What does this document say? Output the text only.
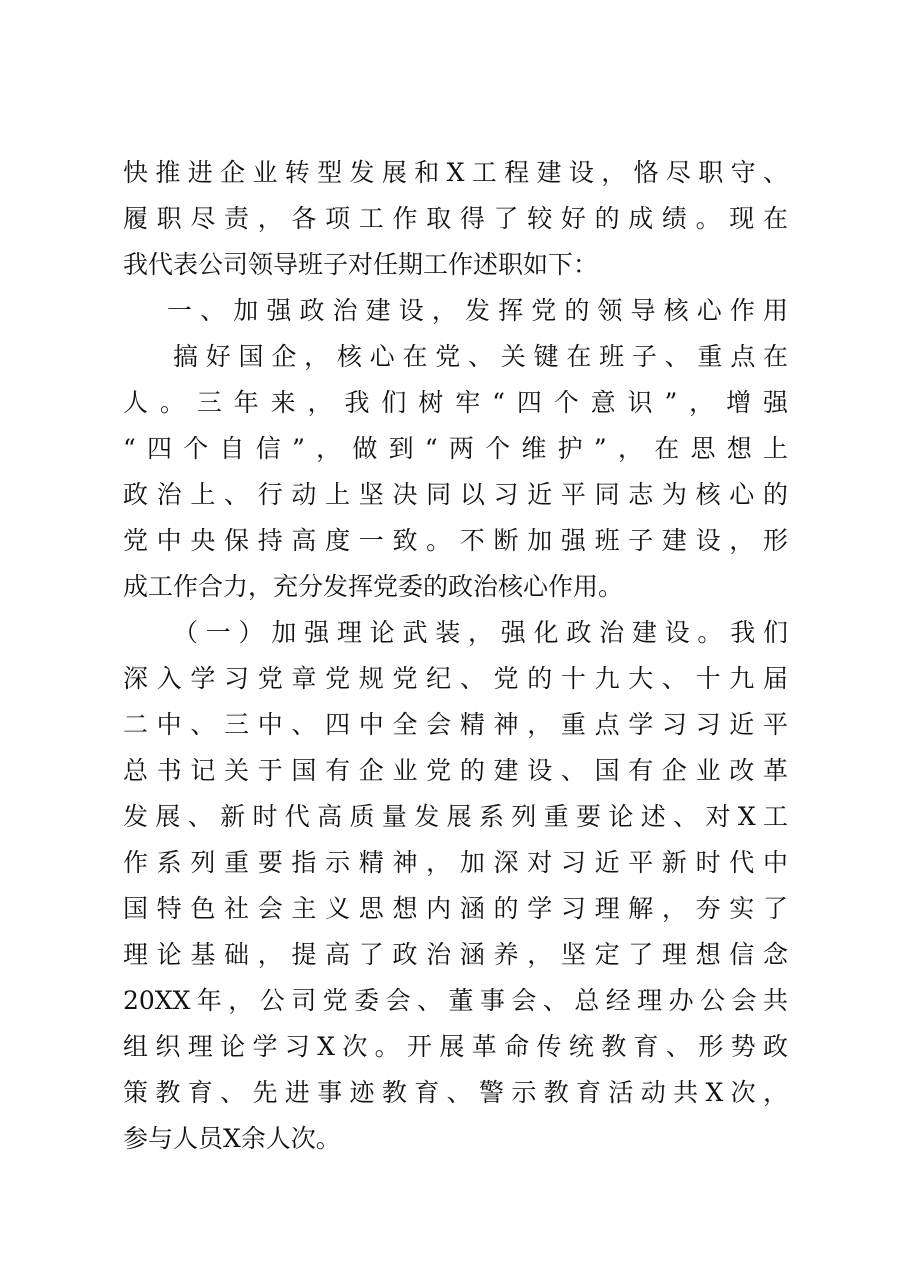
快推进企业转型发展和X工程建设，恪尽职守、
履职尽责，各项工作取得了较好的成绩。现在
我代表公司领导班子对任期工作述职如下：
一、加强政治建设，发挥党的领导核心作用
搞好国企，核心在党、关键在班子、重点在
人。三年来，我们树牢“四个意识”，增强
“四个自信”，做到“两个维护”，在思想上
政治上、行动上坚决同以习近平同志为核心的
党中央保持高度一致。不断加强班子建设，形
成工作合力，充分发挥党委的政治核心作用。
（一）加强理论武装，强化政治建设。我们
深入学习党章党规党纪、党的十九大、十九届
二中、三中、四中全会精神，重点学习习近平
总书记关于国有企业党的建设、国有企业改革
发展、新时代高质量发展系列重要论述、对X工
作系列重要指示精神，加深对习近平新时代中
国特色社会主义思想内涵的学习理解，夯实了
理论基础，提高了政治涵养，坚定了理想信念
20XX年，公司党委会、董事会、总经理办公会共
组织理论学习X次。开展革命传统教育、形势政
策教育、先进事迹教育、警示教育活动共X次，
参与人员X余人次。
